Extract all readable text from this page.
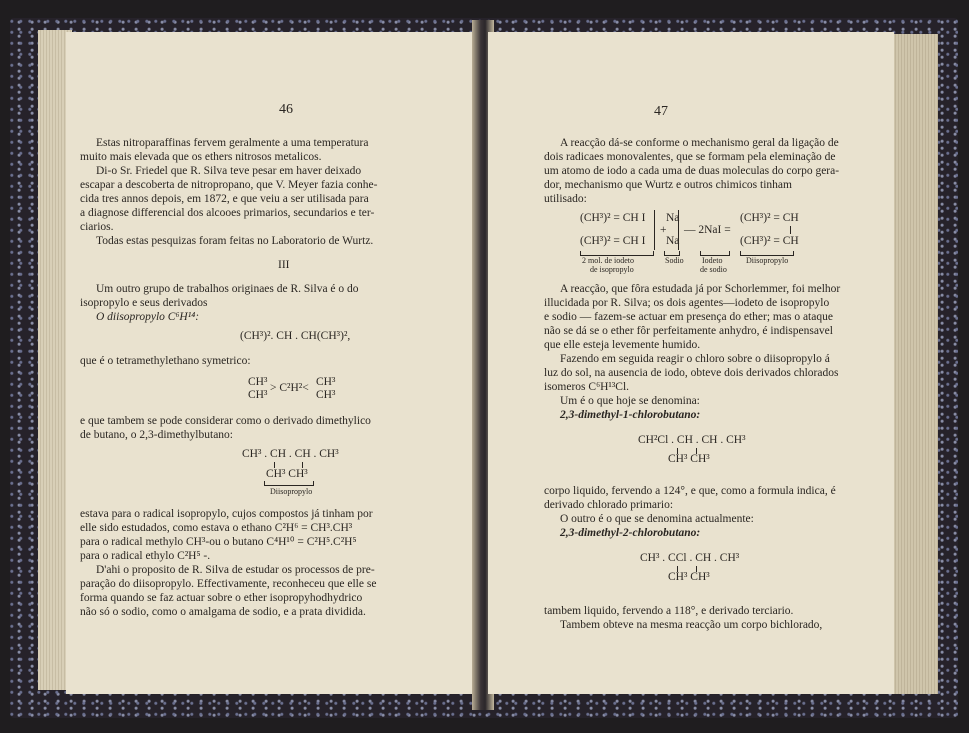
46
Estas nitroparaffinas fervem geralmente a uma temperatura
muito mais elevada que os ethers nitrosos metalicos.
Di-o Sr. Friedel que R. Silva teve pesar em haver deixado
escapar a descoberta de nitropropano, que V. Meyer fazia conhe-
cida tres annos depois, em 1872, e que veiu a ser utilisada para
a diagnose differencial dos alcooes primarios, secundarios e ter-
ciarios.
Todas estas pesquizas foram feitas no Laboratorio de Wurtz.
III
Um outro grupo de trabalhos originaes de R. Silva é o do
isopropylo e seus derivados
O diisopropylo C⁶H¹⁴:
(CH³)². CH . CH(CH³)²,
que é o tetramethylethano symetrico:
CH³
CH³
> C²H²< CH³
CH³
e que tambem se pode considerar como o derivado dimethylico
de butano, o 2,3-dimethylbutano:
CH³ . CH . CH . CH³
CH³ CH³
Diisopropylo
estava para o radical isopropylo, cujos compostos já tinham por
elle sido estudados, como estava o ethano C²H⁶ = CH³.CH³
para o radical methylo CH³-ou o butano C⁴H¹⁰ = C²H⁵.C²H⁵
para o radical ethylo C²H⁵ -.
D'ahi o proposito de R. Silva de estudar os processos de pre-
paração do diisopropylo. Effectivamente, reconheceu que elle se
forma quando se faz actuar sobre o ether isopropyhodhydrico
não só o sodio, como o amalgama de sodio, e a prata dividida.
47
A reacção dá-se conforme o mechanismo geral da ligação de
dois radicaes monovalentes, que se formam pela eleminação de
um atomo de iodo a cada uma de duas moleculas do corpo gera-
dor, mechanismo que Wurtz e outros chimicos tinham
utilisado:
(CH³)² = CH I
(CH³)² = CH I
+
Na
Na
— 2NaI =
(CH³)² = CH
(CH³)² = CH
2 mol. de iodeto
de isopropylo
Sodio Iodeto
de sodio
Diisopropylo
A reacção, que fôra estudada já por Schorlemmer, foi melhor
illucidada por R. Silva; os dois agentes—iodeto de isopropylo
e sodio — fazem-se actuar em presença do ether; mas o ataque
não se dá se o ether fôr perfeitamente anhydro, é indispensavel
que elle esteja levemente humido.
Fazendo em seguida reagir o chloro sobre o diisopropylo á
luz do sol, na ausencia de iodo, obteve dois derivados chlorados
isomeros C⁶H¹³Cl.
Um é o que hoje se denomina:
2,3-dimethyl-1-chlorobutano:
CH²Cl . CH . CH . CH³
CH³ CH³
corpo liquido, fervendo a 124°, e que, como a formula indica, é
derivado chlorado primario:
O outro é o que se denomina actualmente:
2,3-dimethyl-2-chlorobutano:
CH³ . CCl . CH . CH³
CH³ CH³
tambem liquido, fervendo a 118°, e derivado terciario.
Tambem obteve na mesma reacção um corpo bichlorado,
